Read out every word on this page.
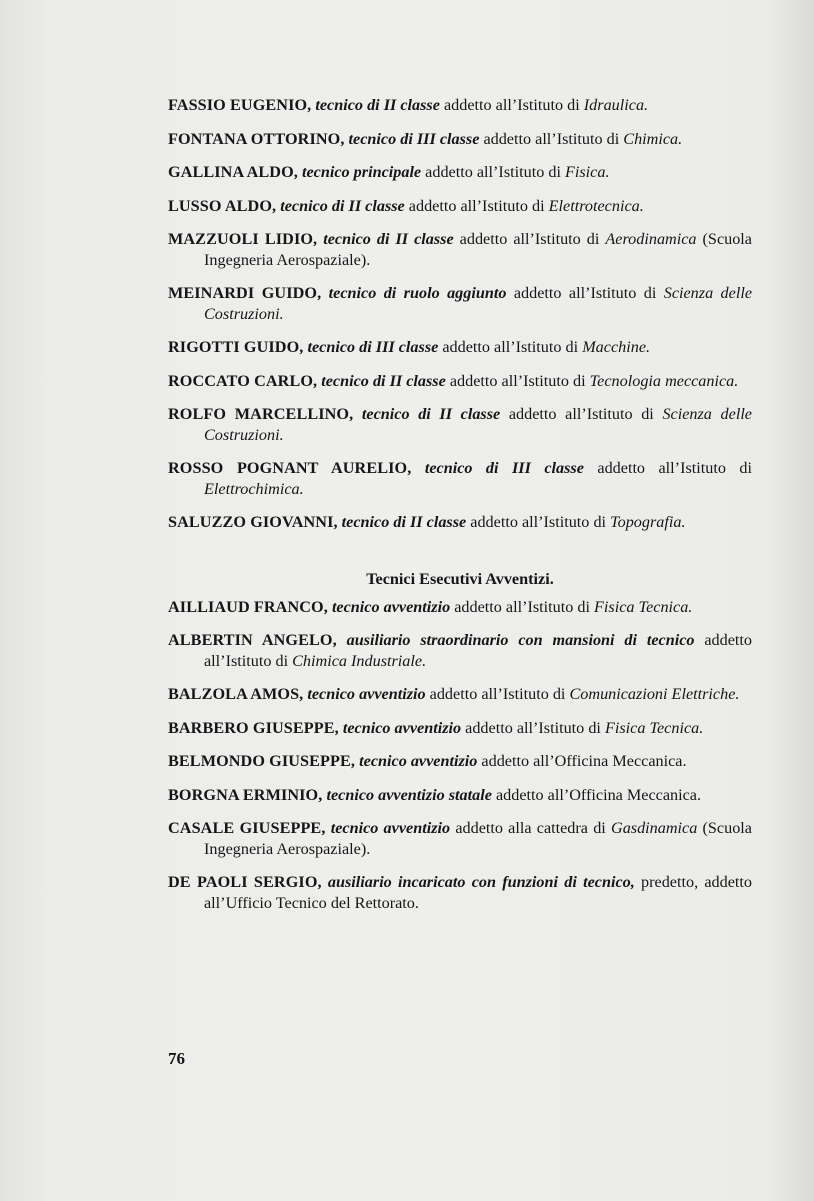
FASSIO EUGENIO, tecnico di II classe addetto all’Istituto di Idraulica.

FONTANA OTTORINO, tecnico di III classe addetto all’Istituto di Chimica.

GALLINA ALDO, tecnico principale addetto all’Istituto di Fisica.

LUSSO ALDO, tecnico di II classe addetto all’Istituto di Elettrotecnica.

MAZZUOLI LIDIO, tecnico di II classe addetto all’Istituto di Aerodinamica (Scuola Ingegneria Aerospaziale).

MEINARDI GUIDO, tecnico di ruolo aggiunto addetto all’Istituto di Scienza delle Costruzioni.

RIGOTTI GUIDO, tecnico di III classe addetto all’Istituto di Macchine.

ROCCATO CARLO, tecnico di II classe addetto all’Istituto di Tecnologia meccanica.

ROLFO MARCELLINO, tecnico di II classe addetto all’Istituto di Scienza delle Costruzioni.

ROSSO POGNANT AURELIO, tecnico di III classe addetto all’Istituto di Elettrochimica.

SALUZZO GIOVANNI, tecnico di II classe addetto all’Istituto di Topografia.

Tecnici Esecutivi Avventizi.

AILLIAUD FRANCO, tecnico avventizio addetto all’Istituto di Fisica Tecnica.

ALBERTIN ANGELO, ausiliario straordinario con mansioni di tecnico addetto all’Istituto di Chimica Industriale.

BALZOLA AMOS, tecnico avventizio addetto all’Istituto di Comunicazioni Elettriche.

BARBERO GIUSEPPE, tecnico avventizio addetto all’Istituto di Fisica Tecnica.

BELMONDO GIUSEPPE, tecnico avventizio addetto all’Officina Meccanica.

BORGNA ERMINIO, tecnico avventizio statale addetto all’Officina Meccanica.

CASALE GIUSEPPE, tecnico avventizio addetto alla cattedra di Gasdinamica (Scuola Ingegneria Aerospaziale).

DE PAOLI SERGIO, ausiliario incaricato con funzioni di tecnico, predetto, addetto all’Ufficio Tecnico del Rettorato.

76
